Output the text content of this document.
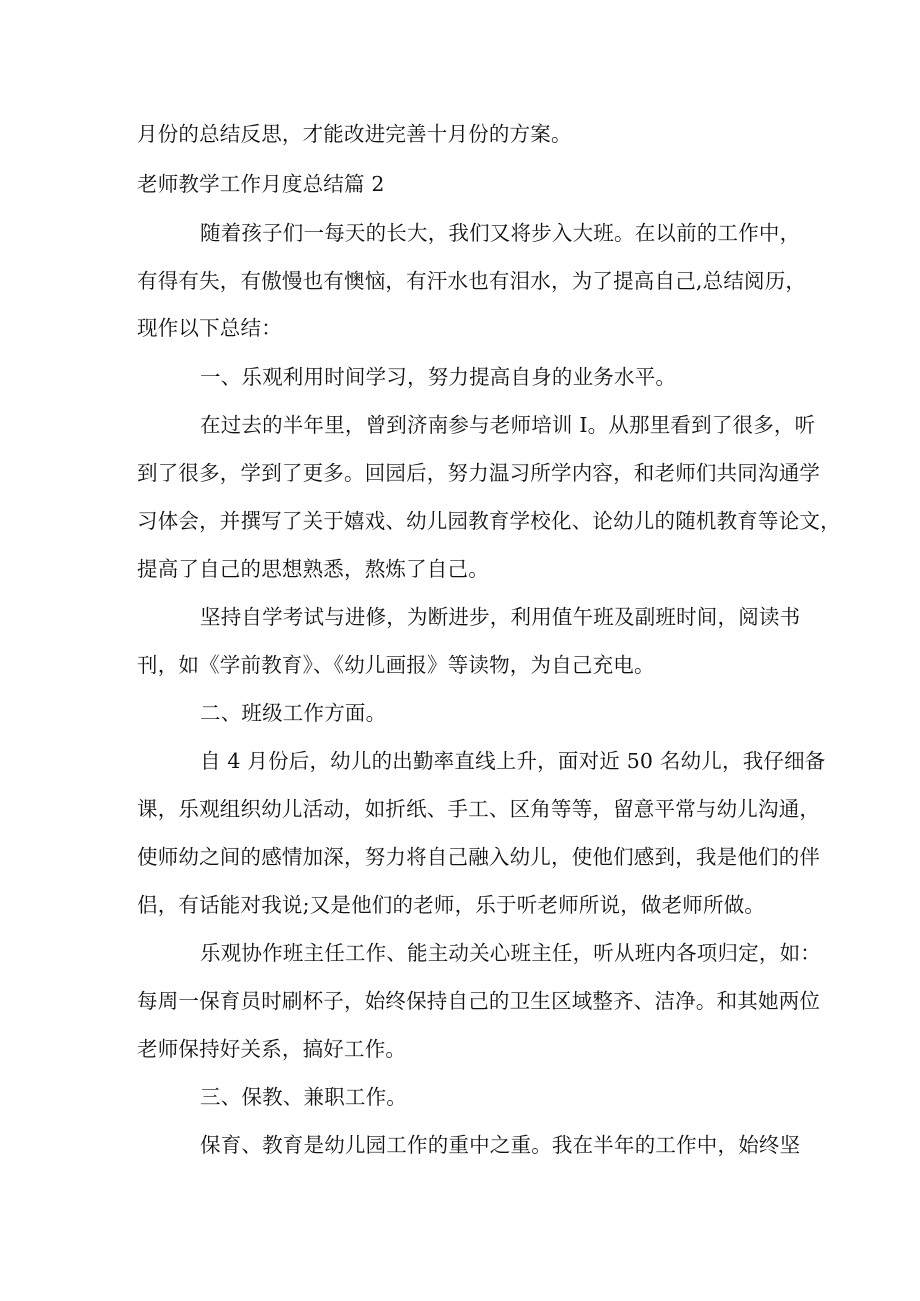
月份的总结反思，才能改进完善十月份的方案。
老师教学工作月度总结篇 2
随着孩子们一每天的长大，我们又将步入大班。在以前的工作中，
有得有失，有傲慢也有懊恼，有汗水也有泪水，为了提高自己,总结阅历，
现作以下总结：
一、乐观利用时间学习，努力提高自身的业务水平。
在过去的半年里，曾到济南参与老师培训 I。从那里看到了很多，听
到了很多，学到了更多。回园后，努力温习所学内容，和老师们共同沟通学
习体会，并撰写了关于嬉戏、幼儿园教育学校化、论幼儿的随机教育等论文，
提高了自己的思想熟悉，熬炼了自己。
坚持自学考试与进修，为断进步，利用值午班及副班时间，阅读书
刊，如《学前教育》、《幼儿画报》等读物，为自己充电。
二、班级工作方面。
自 4 月份后，幼儿的出勤率直线上升，面对近 50 名幼儿，我仔细备
课，乐观组织幼儿活动，如折纸、手工、区角等等，留意平常与幼儿沟通，
使师幼之间的感情加深，努力将自己融入幼儿，使他们感到，我是他们的伴
侣，有话能对我说;又是他们的老师，乐于听老师所说，做老师所做。
乐观协作班主任工作、能主动关心班主任，听从班内各项归定，如：
每周一保育员时刷杯子，始终保持自己的卫生区域整齐、洁净。和其她两位
老师保持好关系，搞好工作。
三、保教、兼职工作。
保育、教育是幼儿园工作的重中之重。我在半年的工作中，始终坚
